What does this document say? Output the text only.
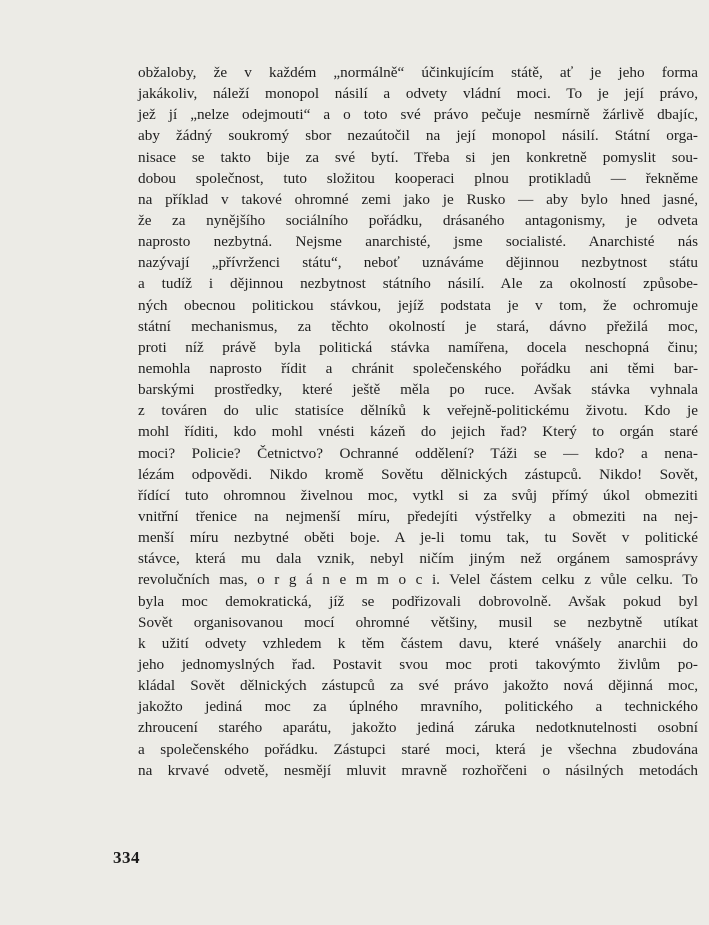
obžaloby, že v každém „normálně“ účinkujícím státě, ať je jeho forma
jakákoliv, náleží monopol násilí a odvety vládní moci. To je její právo,
jež jí „nelze odejmouti“ a o toto své právo pečuje nesmírně žárlivě dbajíc,
aby žádný soukromý sbor nezaútočil na její monopol násilí. Státní orga-
nisace se takto bije za své bytí. Třeba si jen konkretně pomyslit sou-
dobou společnost, tuto složitou kooperaci plnou protikladů — řekněme
na příklad v takové ohromné zemi jako je Rusko — aby bylo hned jasné,
že za nynějšího sociálního pořádku, drásaného antagonismy, je odveta
naprosto nezbytná. Nejsme anarchisté, jsme socialisté. Anarchisté nás
nazývají „přívrženci státu“, neboť uznáváme dějinnou nezbytnost státu
a tudíž i dějinnou nezbytnost státního násilí. Ale za okolností způsobe-
ných obecnou politickou stávkou, jejíž podstata je v tom, že ochromuje
státní mechanismus, za těchto okolností je stará, dávno přežilá moc,
proti níž právě byla politická stávka namířena, docela neschopná činu;
nemohla naprosto řídit a chránit společenského pořádku ani těmi bar-
barskými prostředky, které ještě měla po ruce. Avšak stávka vyhnala
z továren do ulic statisíce dělníků k veřejně-politickému životu. Kdo je
mohl říditi, kdo mohl vnésti kázeň do jejich řad? Který to orgán staré
moci? Policie? Četnictvo? Ochranné oddělení? Táži se — kdo? a nena-
lézám odpovědi. Nikdo kromě Sovětu dělnických zástupců. Nikdo! Sovět,
řídící tuto ohromnou živelnou moc, vytkl si za svůj přímý úkol obmeziti
vnitřní třenice na nejmenší míru, předejíti výstřelky a obmeziti na nej-
menší míru nezbytné oběti boje. A je-li tomu tak, tu Sovět v politické
stávce, která mu dala vznik, nebyl ničím jiným než orgánem samosprávy
revolučních mas, o r g á n e m m o c i. Velel částem celku z vůle celku. To
byla moc demokratická, jíž se podřizovali dobrovolně. Avšak pokud byl
Sovět organisovanou mocí ohromné většiny, musil se nezbytně utíkat
k užití odvety vzhledem k těm částem davu, které vnášely anarchii do
jeho jednomyslných řad. Postavit svou moc proti takovýmto živlům po-
kládal Sovět dělnických zástupců za své právo jakožto nová dějinná moc,
jakožto jediná moc za úplného mravního, politického a technického
zhroucení starého aparátu, jakožto jediná záruka nedotknutelnosti osobní
a společenského pořádku. Zástupci staré moci, která je všechna zbudována
na krvavé odvetě, nesmějí mluvit mravně rozhořčeni o násilných metodách
334
